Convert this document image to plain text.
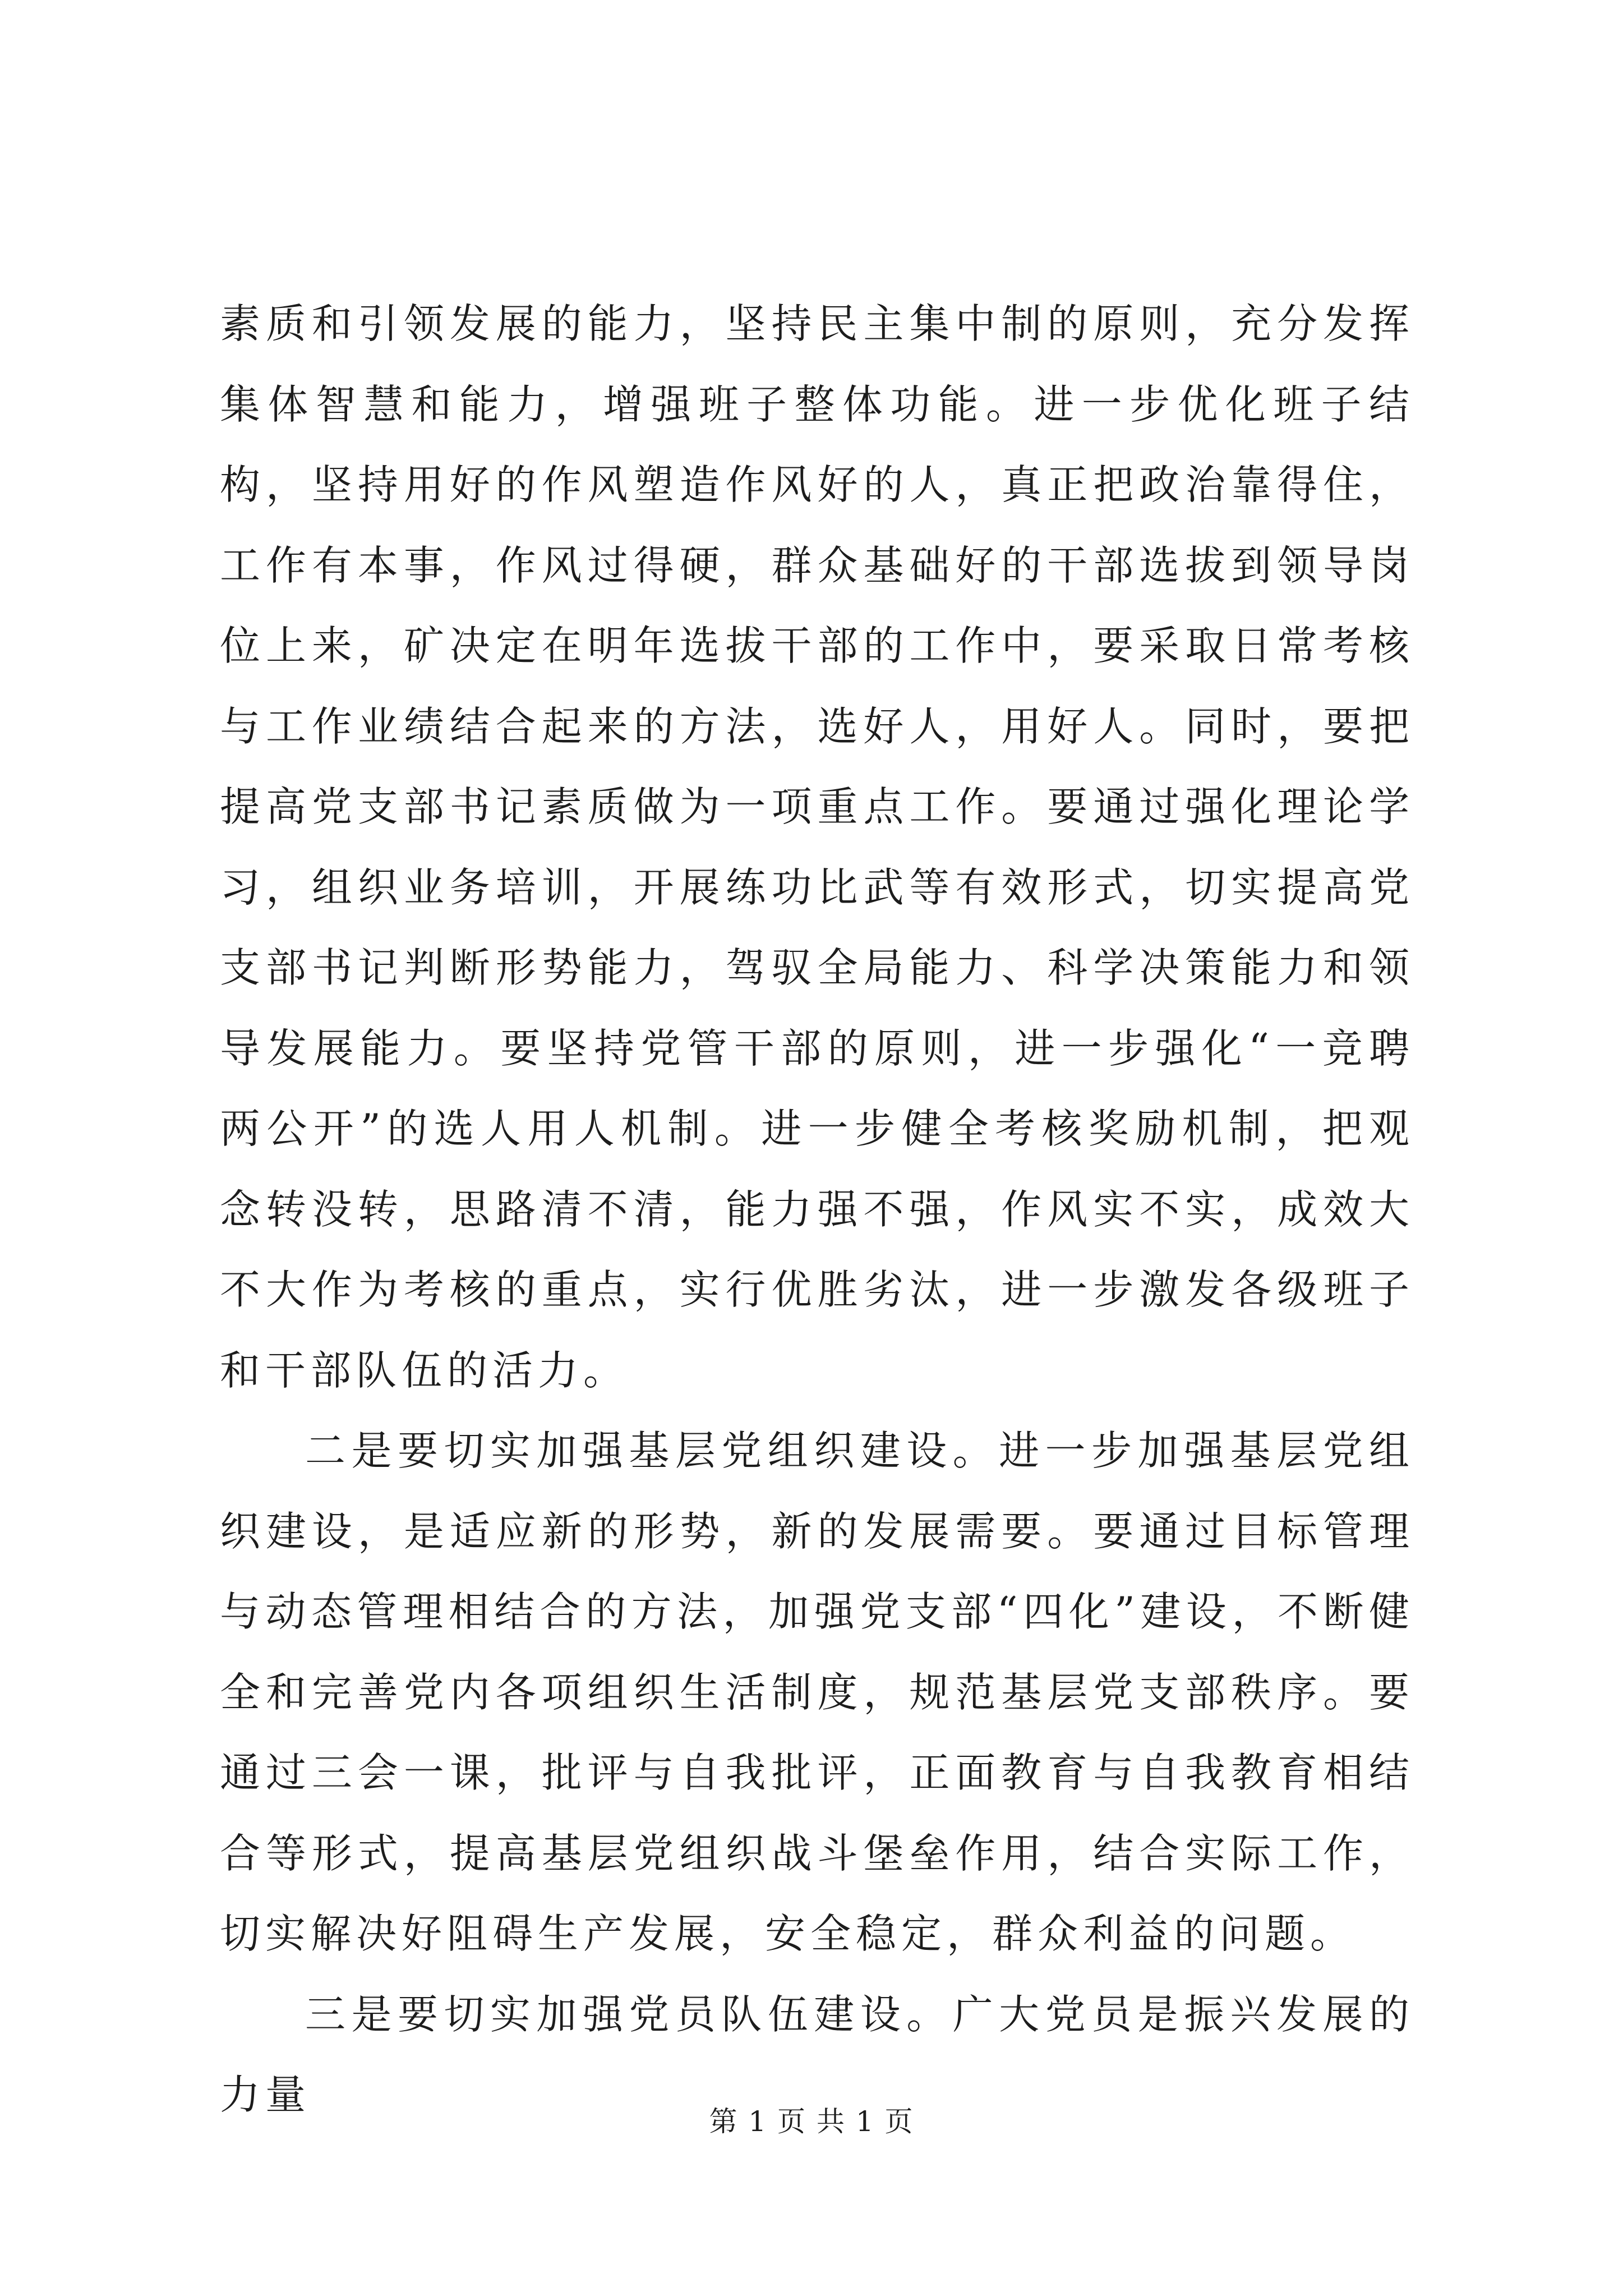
素质和引领发展的能力，坚持民主集中制的原则，充分发挥集体智慧和能力，增强班子整体功能。进一步优化班子结构，坚持用好的作风塑造作风好的人，真正把政治靠得住，工作有本事，作风过得硬，群众基础好的干部选拔到领导岗位上来，矿决定在明年选拔干部的工作中，要采取日常考核与工作业绩结合起来的方法，选好人，用好人。同时，要把提高党支部书记素质做为一项重点工作。要通过强化理论学习，组织业务培训，开展练功比武等有效形式，切实提高党支部书记判断形势能力，驾驭全局能力、科学决策能力和领导发展能力。要坚持党管干部的原则，进一步强化“一竞聘两公开”的选人用人机制。进一步健全考核奖励机制，把观念转没转，思路清不清，能力强不强，作风实不实，成效大不大作为考核的重点，实行优胜劣汰，进一步激发各级班子和干部队伍的活力。

二是要切实加强基层党组织建设。进一步加强基层党组织建设，是适应新的形势，新的发展需要。要通过目标管理与动态管理相结合的方法，加强党支部“四化”建设，不断健全和完善党内各项组织生活制度，规范基层党支部秩序。要通过三会一课，批评与自我批评，正面教育与自我教育相结合等形式，提高基层党组织战斗堡垒作用，结合实际工作，切实解决好阻碍生产发展，安全稳定，群众利益的问题。

三是要切实加强党员队伍建设。广大党员是振兴发展的力量

第 1 页 共 1 页
